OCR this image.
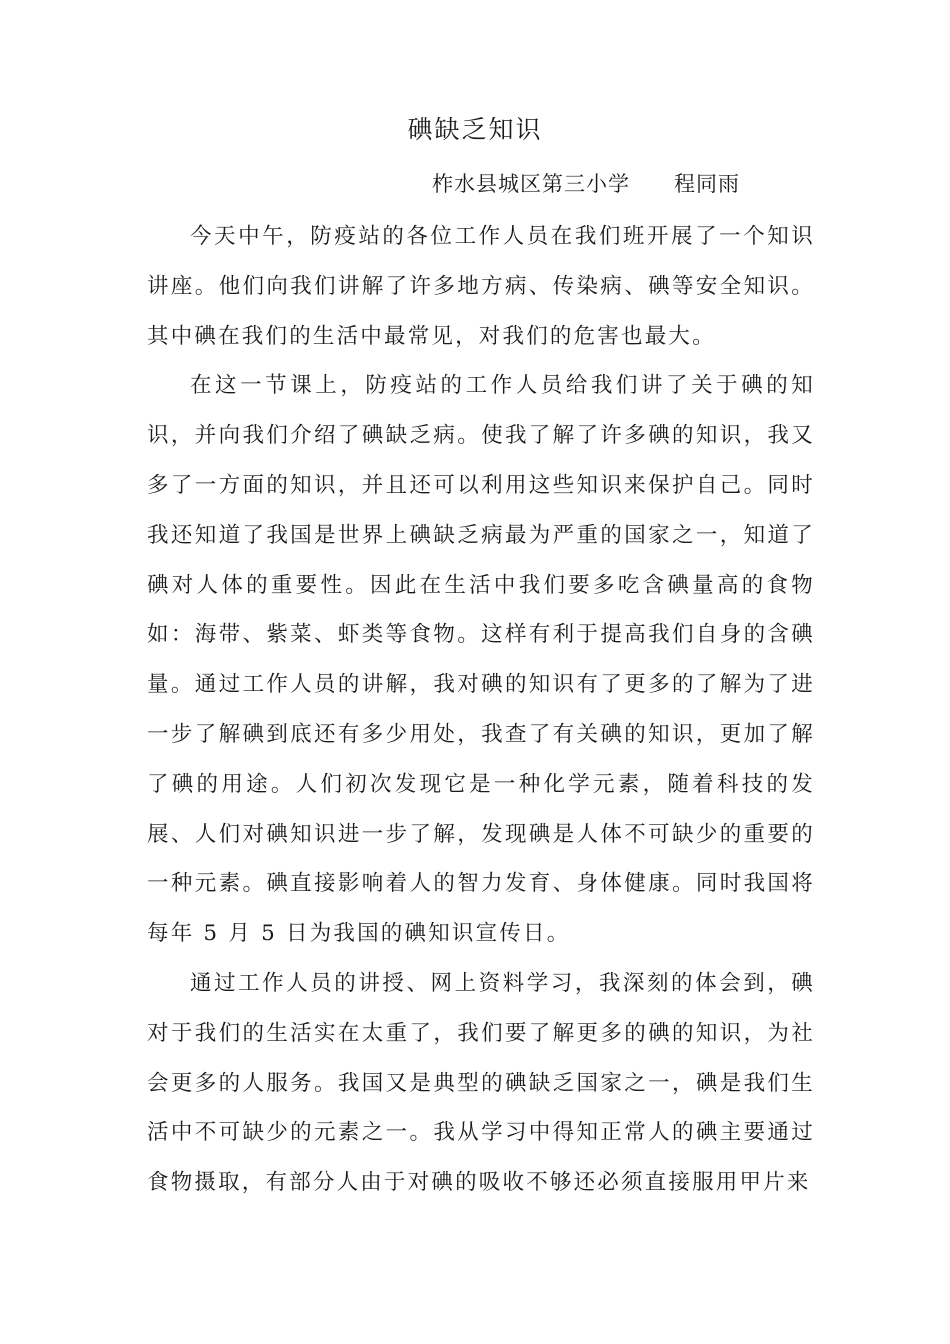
碘缺乏知识
柞水县城区第三小学 程同雨

今天中午，防疫站的各位工作人员在我们班开展了一个知识讲座。他们向我们讲解了许多地方病、传染病、碘等安全知识。其中碘在我们的生活中最常见，对我们的危害也最大。

在这一节课上，防疫站的工作人员给我们讲了关于碘的知识，并向我们介绍了碘缺乏病。使我了解了许多碘的知识，我又多了一方面的知识，并且还可以利用这些知识来保护自己。同时我还知道了我国是世界上碘缺乏病最为严重的国家之一，知道了碘对人体的重要性。因此在生活中我们要多吃含碘量高的食物如：海带、紫菜、虾类等食物。这样有利于提高我们自身的含碘量。通过工作人员的讲解，我对碘的知识有了更多的了解为了进一步了解碘到底还有多少用处，我查了有关碘的知识，更加了解了碘的用途。人们初次发现它是一种化学元素，随着科技的发展、人们对碘知识进一步了解，发现碘是人体不可缺少的重要的一种元素。碘直接影响着人的智力发育、身体健康。同时我国将每年 5 月 5 日为我国的碘知识宣传日。

通过工作人员的讲授、网上资料学习，我深刻的体会到，碘对于我们的生活实在太重了，我们要了解更多的碘的知识，为社会更多的人服务。我国又是典型的碘缺乏国家之一，碘是我们生活中不可缺少的元素之一。我从学习中得知正常人的碘主要通过食物摄取，有部分人由于对碘的吸收不够还必须直接服用甲片来
